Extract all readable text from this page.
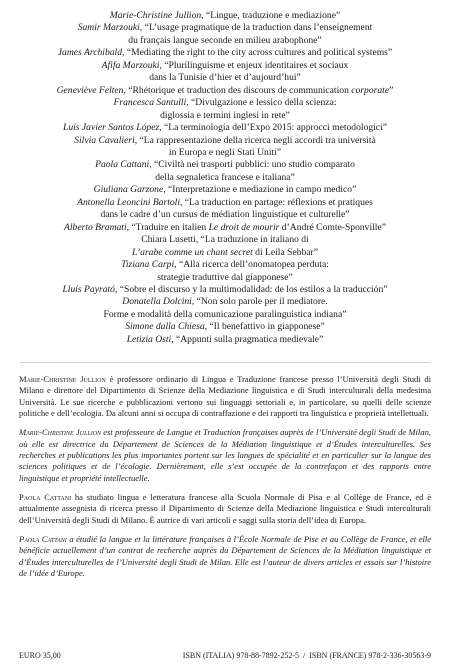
Marie-Christine Jullion, “Lingue, traduzione e mediazione”
Samir Marzouki, “L’usage pragmatique de la traduction dans l’enseignement
du français langue seconde en milieu arabophone”
James Archibald, “Mediating the right to the city across cultures and political systems”
Afifa Marzouki, “Plurilinguisme et enjeux identitaires et sociaux
dans la Tunisie d’hier et d’aujourd’hui”
Geneviève Felten, “Rhétorique et traduction des discours de communication corporate”
Francesca Santulli, “Divulgazione e lessico della scienza:
diglossia e termini inglesi in rete”
Luis Javier Santos López, “La terminología dell’Expo 2015: approcci metodologici”
Silvia Cavalieri, “La rappresentazione della ricerca negli accordi tra università
in Europa e negli Stati Uniti”
Paola Cattani, “Civiltà nei trasporti pubblici: uno studio comparato
della segnaletica francese e italiana”
Giuliana Garzone, “Interpretazione e mediazione in campo medico”
Antonella Leoncini Bartoli, “La traduction en partage: réflexions et pratiques
dans le cadre d’un cursus de médiation linguistique et culturelle”
Alberto Bramati, “Traduire en italien Le droit de mourir d’André Comte-Sponville”
Chiara Lusetti, “La traduzione in italiano di
L’arabe comme un chant secret di Leila Sebbar”
Tiziana Carpi, “Alla ricerca dell’onomatopea perduta:
strategie traduttive dal giapponese”
Lluís Payrató, “Sobre el discurso y la multimodalidad: de los estilos a la traducción”
Donatella Dolcini, “Non solo parole per il mediatore.
Forme e modalità della comunicazione paralinguistica indiana”
Simone dalla Chiesa, “Il benefattivo in giapponese”
Letizia Osti, “Appunti sulla pragmatica medievale”

Marie-Christine Jullion è professore ordinario di Lingua e Traduzione francese presso l’Università degli Studi di Milano e direttore del Dipartimento di Scienze della Mediazione linguistica e di Studi interculturali della medesima Università. Le sue ricerche e pubblicazioni vertono sui linguaggi settoriali e, in particolare, su quelli delle scienze politiche e dell’ecologia. Da alcuni anni si occupa di contraffazione e dei rapporti tra linguistica e proprietà intellettuali.

Marie-Christine Jullion est professeure de Langue et Traduction françaises auprès de l’Université degli Studi de Milan, où elle est directrice du Département de Sciences de la Médiation linguistique et d’Études interculturelles. Ses recherches et publications les plus importantes portent sur les langues de spécialité et en particulier sur la langue des sciences politiques et de l’écologie. Dernièrement, elle s’est occupée de la contrefaçon et des rapports entre linguistique et propriété intellectuelle.

Paola Cattani ha studiato lingua e letteratura francese alla Scuola Normale di Pisa e al Collège de France, ed è attualmente assegnista di ricerca presso il Dipartimento di Scienze della Mediazione linguistica e Studi interculturali dell’Università degli Studi di Milano. È autrice di vari articoli e saggi sulla storia dell’idea di Europa.

Paola Cattani a étudié la langue et la littérature françaises à l’École Normale de Pise et au Collège de France, et elle bénéficie actuellement d’un contrat de recherche auprès du Département de Sciences de la Médiation linguistique et d’Études interculturelles de l’Université degli Studi de Milan. Elle est l’auteur de divers articles et essais sur l’histoire de l’idée d’Europe.

EURO 35,00	ISBN (ITALIA) 978-88-7892-252-5 / ISBN (FRANCE) 978-2-336-30563-9
